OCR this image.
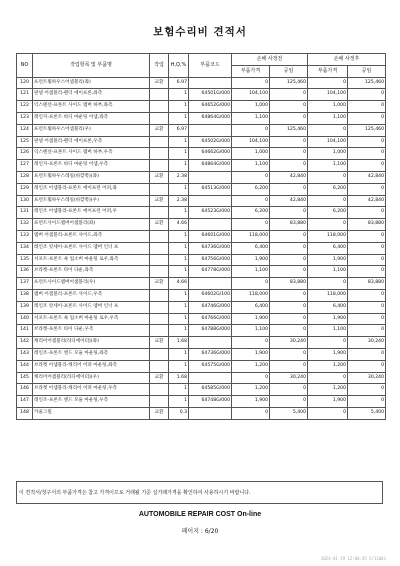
보험수리비 견적서
NO	작업항목 및 부품명	작업	H,Q,%	부품코드	손해 사정전		손해 사정후	
					부품가격	공임	부품가격	공임
120	프런트휠하우스어셈블리(좌)	교환	6.97		0	125,460	0	125,460
121	판넬 어셈블리-펜더 에이프론,좌측		1	64501G/000	104,100	0	104,100	0
122	익스텐션-프론트 사이드 멤버 하부,좌측		1	64652G/000	1,000	0	1,000	0
123	레인지-프론트 바디 마운팅 어셈,좌측		1	64864G/000	1,100	0	1,100	0
124	프런트휠하우스어셈블리(우)	교환	6.97		0	125,460	0	125,460
125	판넬 어셈블리-펜더 에이프론,우측		1	64502G/000	104,100	0	104,100	0
126	익스텐션-프론트 사이드 멤버 하부,우측		1	64662G/000	1,000	0	1,000	0
127	레인지-프론트 바디 마운팅 어셈,우측		1	64864G/000	1,100	0	1,100	0
128	프런트휠하우스레일(바깥쪽)(좌)	교환	2.38		0	42,840	0	42,840
129	레인조 어셈블리-프론트 에이프런 어퍼,좌		1	64513G/000	6,200	0	6,200	0
130	프런트휠하우스레일(바깥쪽)(우)	교환	2.38		0	42,840	0	42,840
131	레인조 어셈블리-프론트 에이프런 어퍼,우		1	64523G/000	6,200	0	6,200	0
132	프런트사이드멤버어셈블리(좌)	교환	4.66		0	83,880	0	83,880
133	멤버 어셈블리-프론트 사이드,좌측		1	64601G/000	118,000	0	118,000	0
134	레인조 앗세이-프론트 사이드 멤버 인너 프		1	64736G/000	6,400	0	6,400	0
135	서포트-프론트 쇽 업소버 마운팅 로우,좌측		1	64756G/000	1,900	0	1,900	0
136	브라켓-프론트 타이 다운,좌측		1	64778G/000	1,100	0	1,100	0
137	프런트사이드멤버어셈블리(우)	교환	4.66		0	83,880	0	83,880
138	멤버 어셈블리-프론트 사이드,우측		1	64602G/100	118,000	0	118,000	0
139	레인조 앗세이-프론트 사이드 멤버 인너 프		1	64746G/000	6,400	0	6,400	0
140	서포트-프론트 쇽 업소버 마운팅 로우,우측		1	64766G/000	1,900	0	1,900	0
141	브라켓-프론트 타이 다운,우측		1	64788G/000	1,100	0	1,100	0
142	캐리어어셈블리(라디에이터)(좌)	교환	1.68		0	30,240	0	30,240
143	레인조-프론트 엔드 모듈 마운팅,좌측		1	64736G/000	1,900	0	1,900	0
144	브라켓 어셈블리-캐리어 어퍼 마운팅,좌측		1	64575G/000	1,200	0	1,200	0
145	캐리어어셈블리(라디에이터)(우)	교환	1.68		0	30,240	0	30,240
146	브라켓 어셈블리-캐리어 어퍼 마운팅,우측		1	64585G/000	1,200	0	1,200	0
147	레인조-프론트 엔드 모듈 마운팅,우측		1	64748G/000	1,900	0	1,900	0
148	카울그릴	교환	0.3		0	5,400	0	5,400
이 견적서/청구서의 부품가격은 참고 가격이므로 거래될 기준 실거래가격을 확인하여 사용하시기 바랍니다.
AUTOMOBILE REPAIR COST On-line
페이지 : 6/20
2024-01-19 12:00:45 5/11001
